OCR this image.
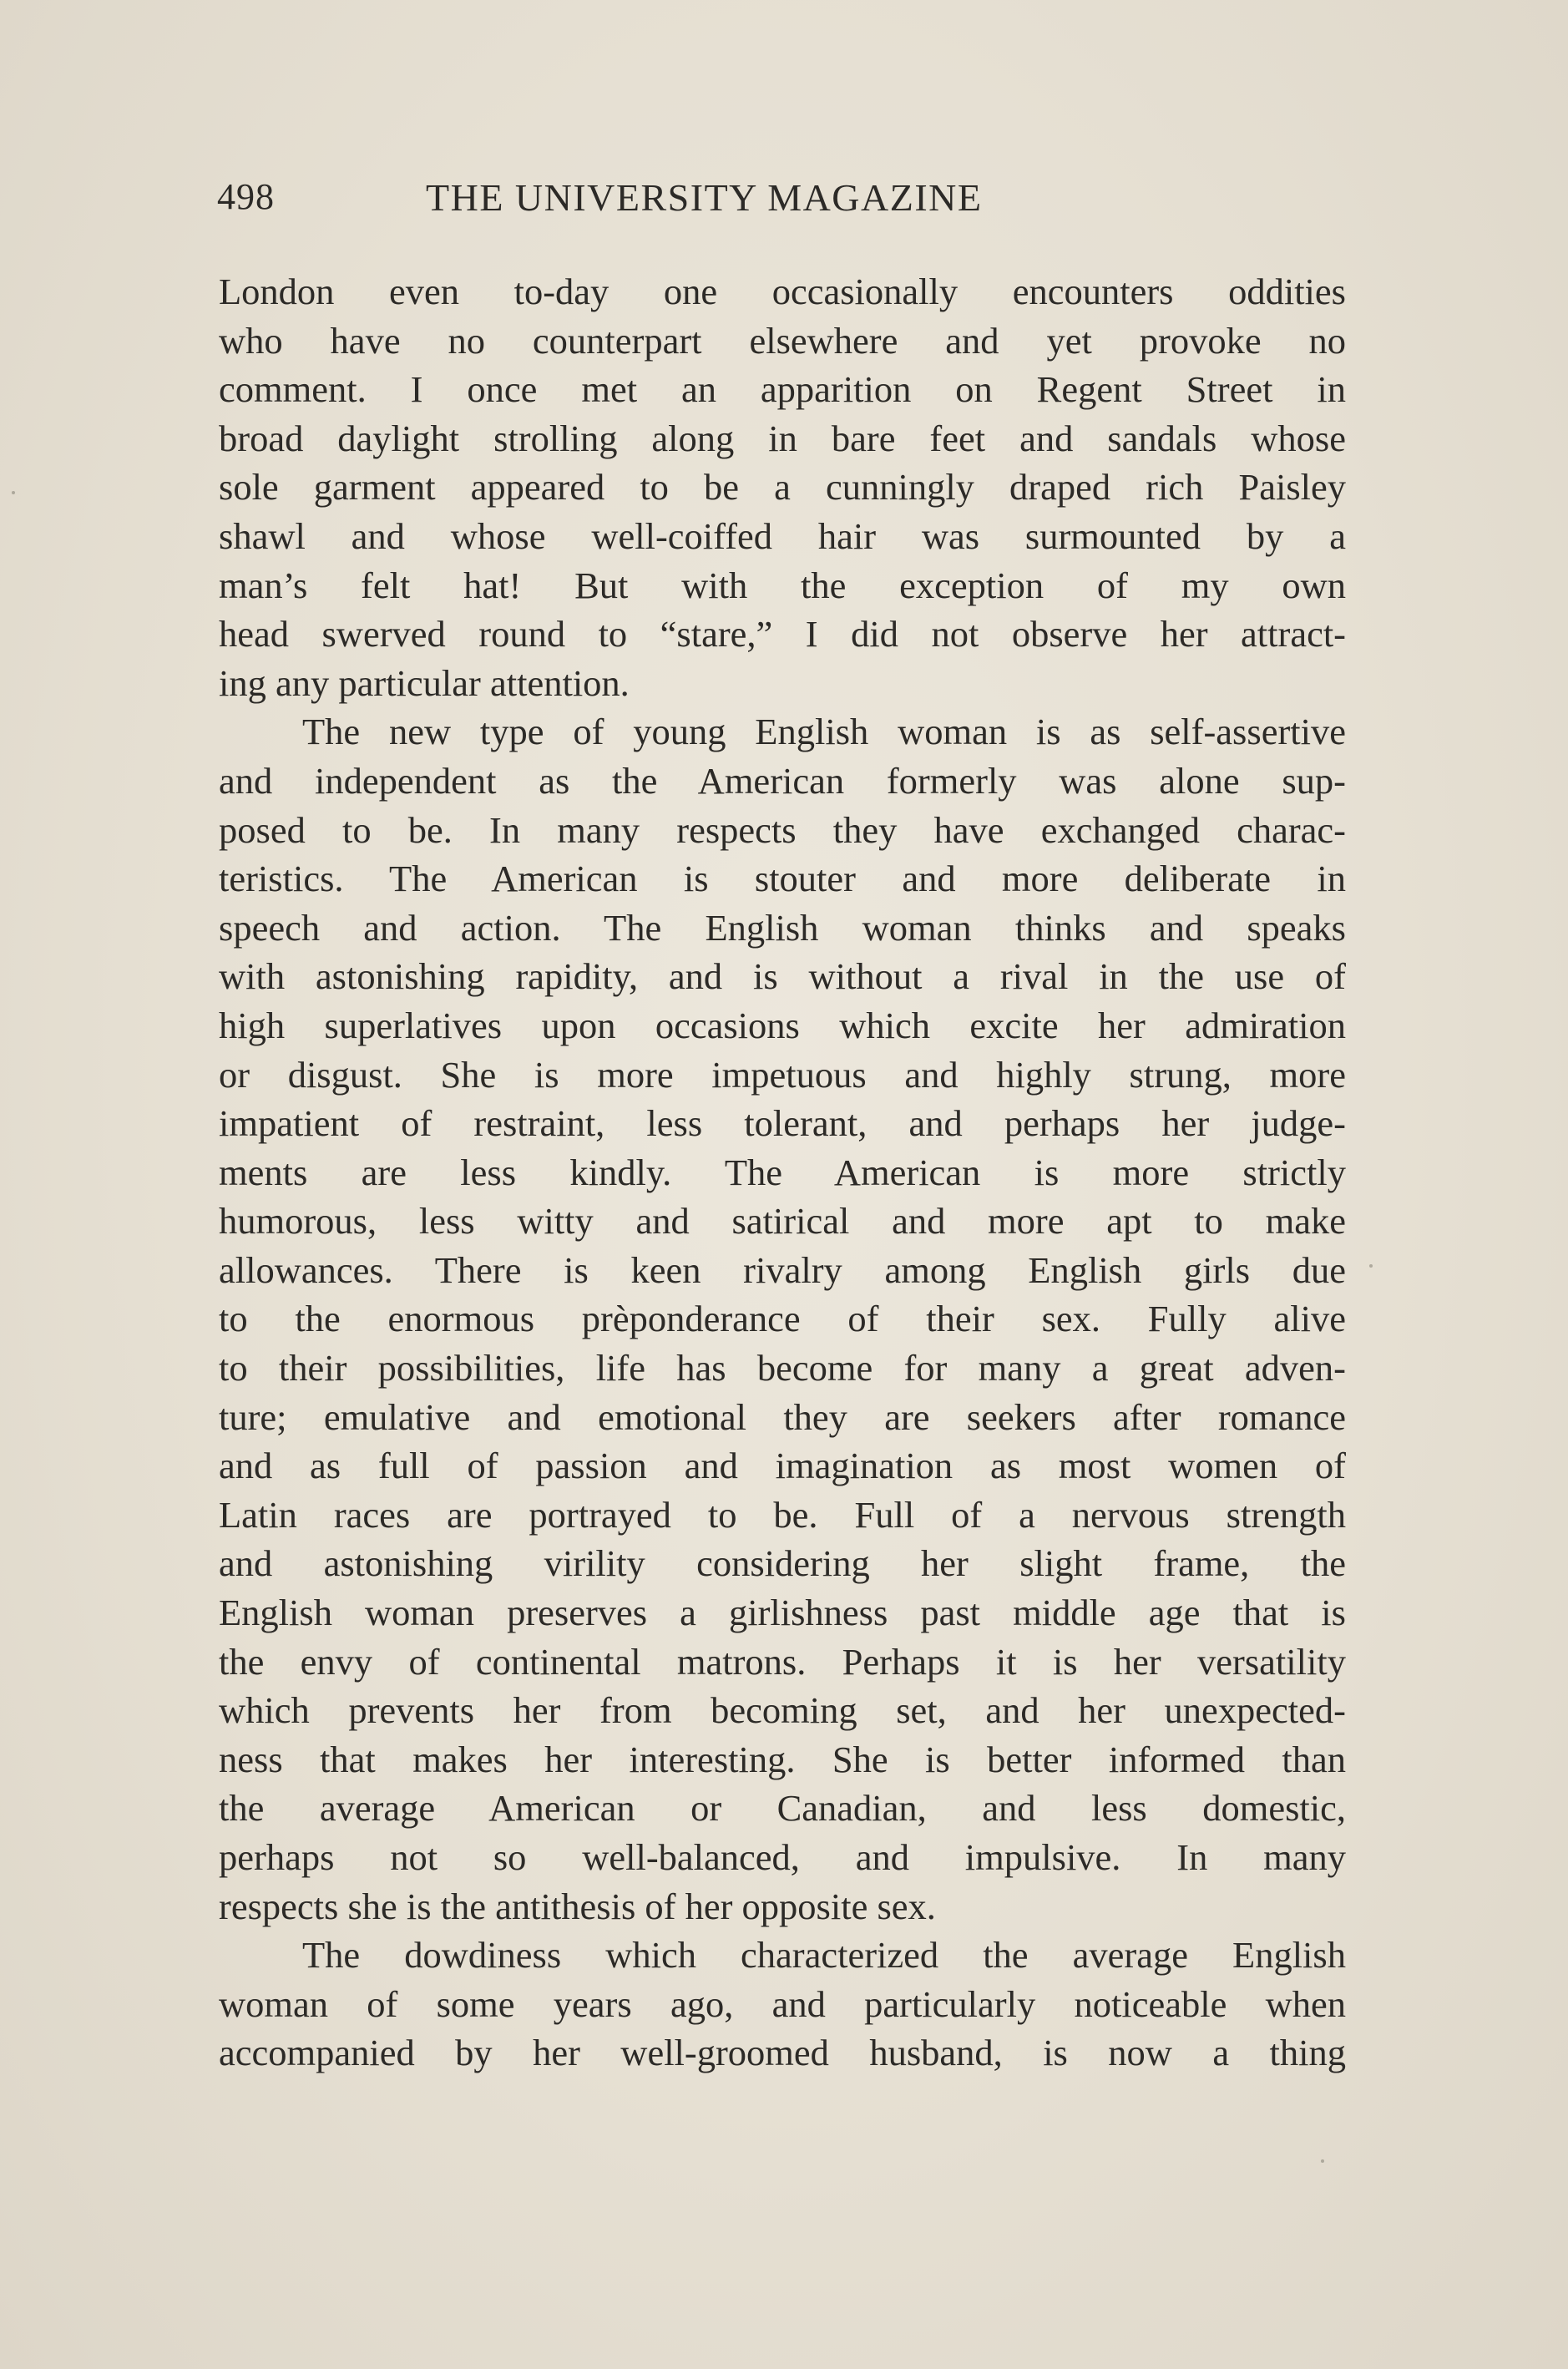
498	THE UNIVERSITY MAGAZINE
London even to-day one occasionally encounters oddities
who have no counterpart elsewhere and yet provoke no
comment. I once met an apparition on Regent Street in
broad daylight strolling along in bare feet and sandals whose
sole garment appeared to be a cunningly draped rich Paisley
shawl and whose well-coiffed hair was surmounted by a
man’s felt hat! But with the exception of my own
head swerved round to “stare,” I did not observe her attract-
ing any particular attention.
The new type of young English woman is as self-assertive
and independent as the American formerly was alone sup-
posed to be. In many respects they have exchanged charac-
teristics. The American is stouter and more deliberate in
speech and action. The English woman thinks and speaks
with astonishing rapidity, and is without a rival in the use of
high superlatives upon occasions which excite her admiration
or disgust. She is more impetuous and highly strung, more
impatient of restraint, less tolerant, and perhaps her judge-
ments are less kindly. The American is more strictly
humorous, less witty and satirical and more apt to make
allowances. There is keen rivalry among English girls due
to the enormous prèponderance of their sex. Fully alive
to their possibilities, life has become for many a great adven-
ture; emulative and emotional they are seekers after romance
and as full of passion and imagination as most women of
Latin races are portrayed to be. Full of a nervous strength
and astonishing virility considering her slight frame, the
English woman preserves a girlishness past middle age that is
the envy of continental matrons. Perhaps it is her versatility
which prevents her from becoming set, and her unexpected-
ness that makes her interesting. She is better informed than
the average American or Canadian, and less domestic,
perhaps not so well-balanced, and impulsive. In many
respects she is the antithesis of her opposite sex.
The dowdiness which characterized the average English
woman of some years ago, and particularly noticeable when
accompanied by her well-groomed husband, is now a thing
